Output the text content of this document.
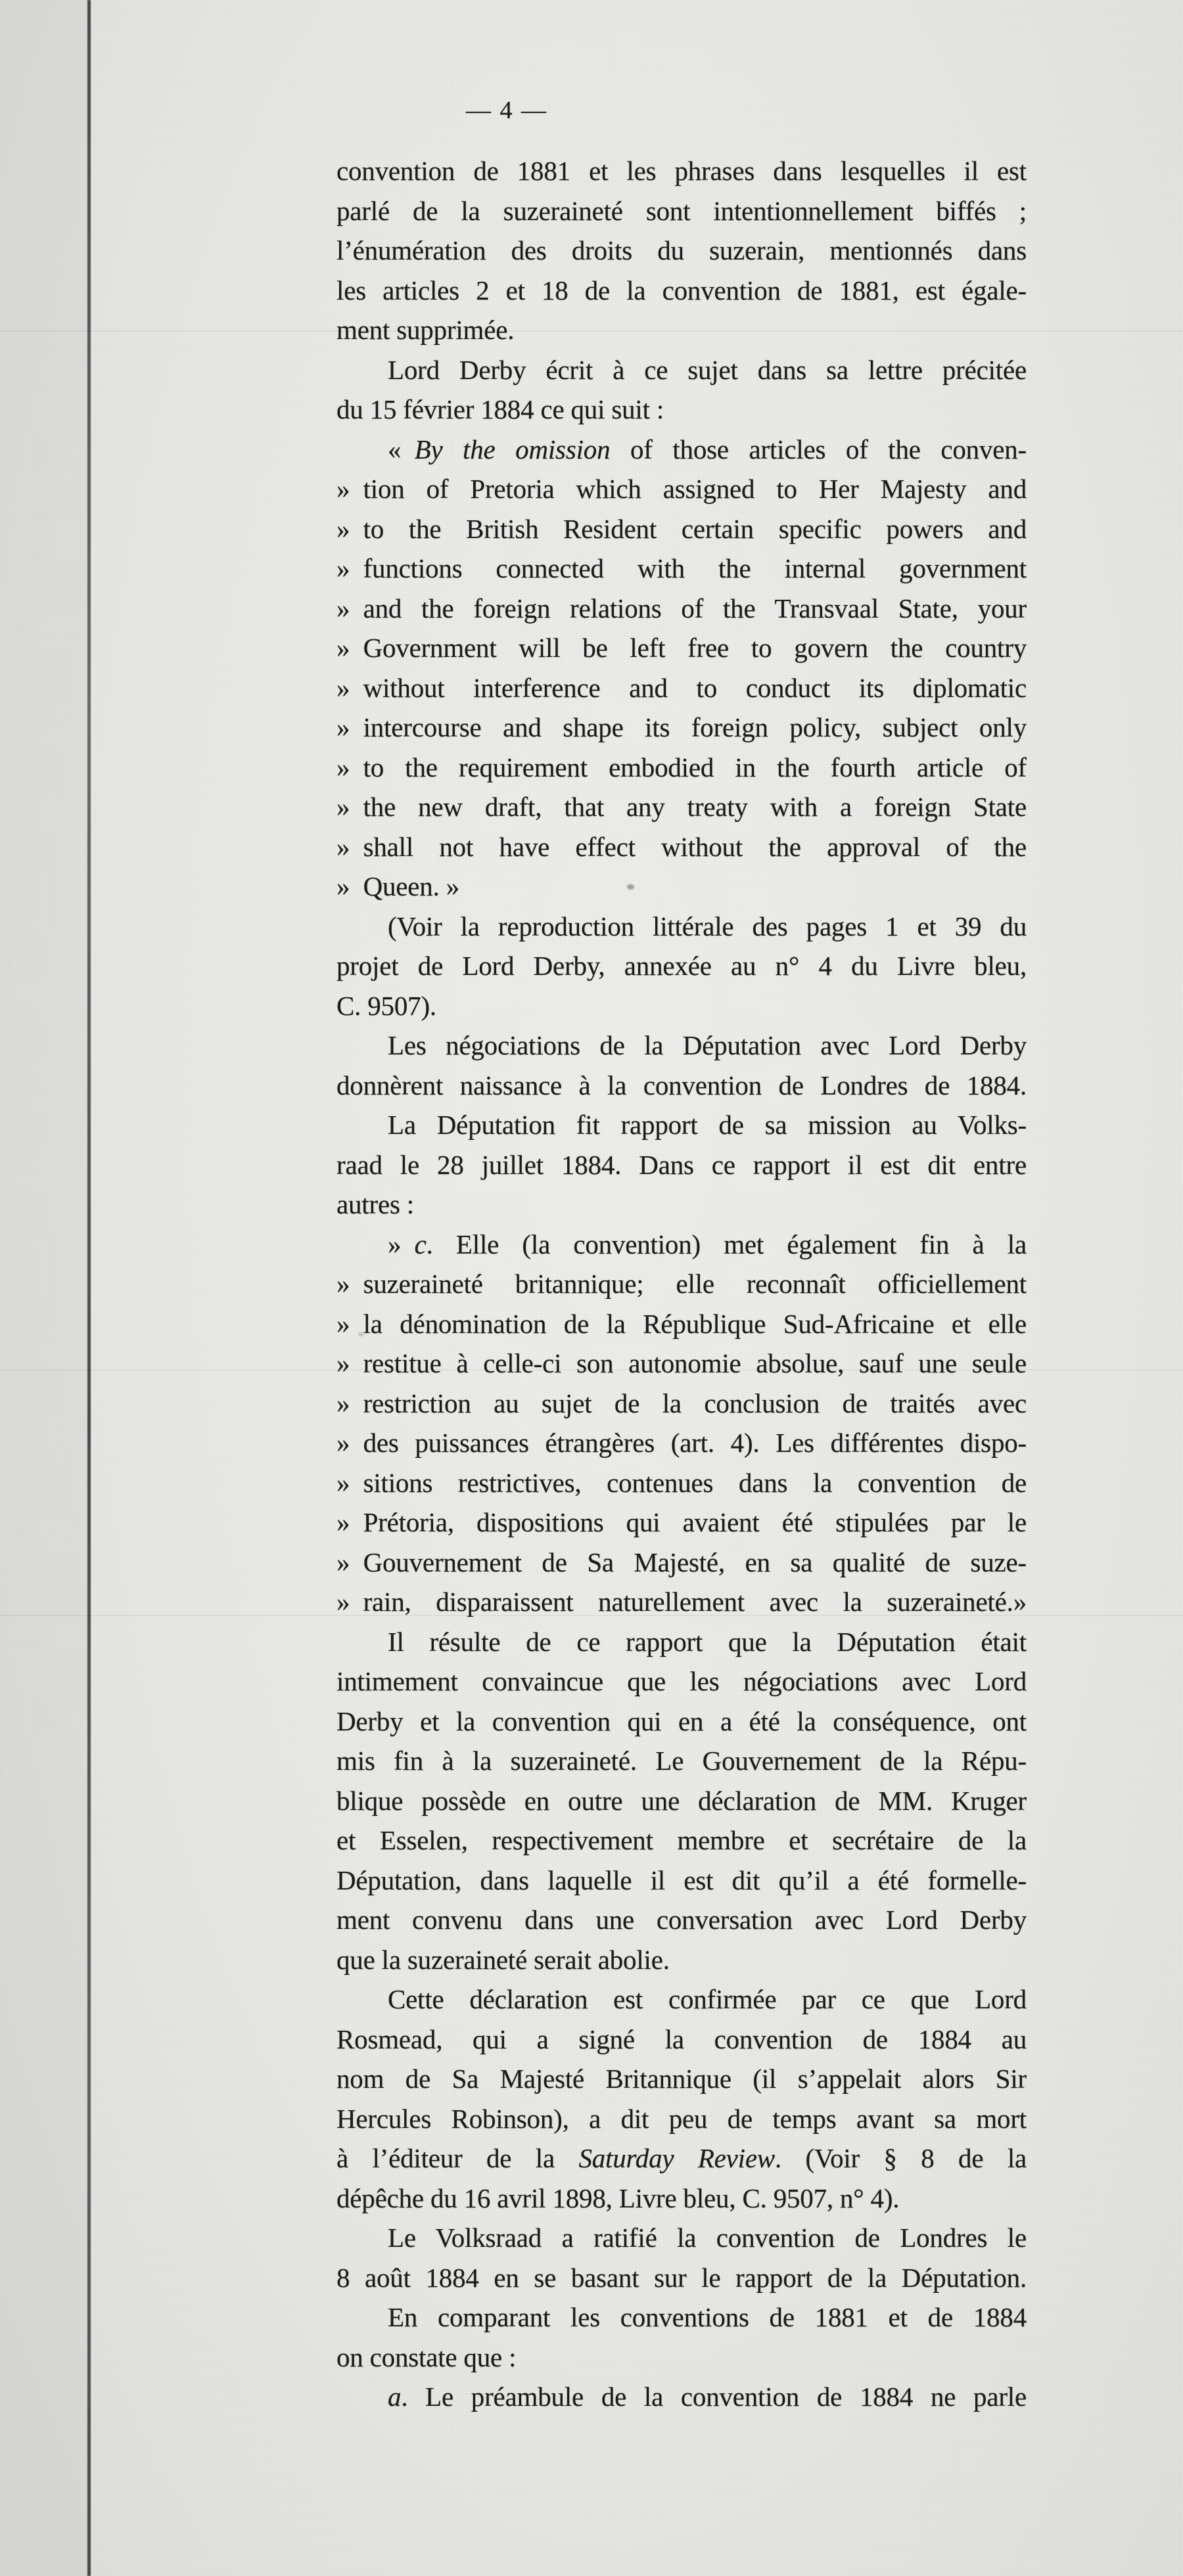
— 4 —
convention de 1881 et les phrases dans lesquelles il est
parlé de la suzeraineté sont intentionnellement biffés ;
l’énumération des droits du suzerain, mentionnés dans
les articles 2 et 18 de la convention de 1881, est égale-
ment supprimée.
Lord Derby écrit à ce sujet dans sa lettre précitée
du 15 février 1884 ce qui suit :
« By the omission of those articles of the conven-
» tion of Pretoria which assigned to Her Majesty and
» to the British Resident certain specific powers and
» functions connected with the internal government
» and the foreign relations of the Transvaal State, your
» Government will be left free to govern the country
» without interference and to conduct its diplomatic
» intercourse and shape its foreign policy, subject only
» to the requirement embodied in the fourth article of
» the new draft, that any treaty with a foreign State
» shall not have effect without the approval of the
» Queen. »
(Voir la reproduction littérale des pages 1 et 39 du
projet de Lord Derby, annexée au n° 4 du Livre bleu,
C. 9507).
Les négociations de la Députation avec Lord Derby
donnèrent naissance à la convention de Londres de 1884.
La Députation fit rapport de sa mission au Volks-
raad le 28 juillet 1884. Dans ce rapport il est dit entre
autres :
» c. Elle (la convention) met également fin à la
» suzeraineté britannique; elle reconnaît officiellement
» la dénomination de la République Sud-Africaine et elle
» restitue à celle-ci son autonomie absolue, sauf une seule
» restriction au sujet de la conclusion de traités avec
» des puissances étrangères (art. 4). Les différentes dispo-
» sitions restrictives, contenues dans la convention de
» Prétoria, dispositions qui avaient été stipulées par le
» Gouvernement de Sa Majesté, en sa qualité de suze-
» rain, disparaissent naturellement avec la suzeraineté.»
Il résulte de ce rapport que la Députation était
intimement convaincue que les négociations avec Lord
Derby et la convention qui en a été la conséquence, ont
mis fin à la suzeraineté. Le Gouvernement de la Répu-
blique possède en outre une déclaration de MM. Kruger
et Esselen, respectivement membre et secrétaire de la
Députation, dans laquelle il est dit qu’il a été formelle-
ment convenu dans une conversation avec Lord Derby
que la suzeraineté serait abolie.
Cette déclaration est confirmée par ce que Lord
Rosmead, qui a signé la convention de 1884 au
nom de Sa Majesté Britannique (il s’appelait alors Sir
Hercules Robinson), a dit peu de temps avant sa mort
à l’éditeur de la Saturday Review. (Voir § 8 de la
dépêche du 16 avril 1898, Livre bleu, C. 9507, n° 4).
Le Volksraad a ratifié la convention de Londres le
8 août 1884 en se basant sur le rapport de la Députation.
En comparant les conventions de 1881 et de 1884
on constate que :
a. Le préambule de la convention de 1884 ne parle
